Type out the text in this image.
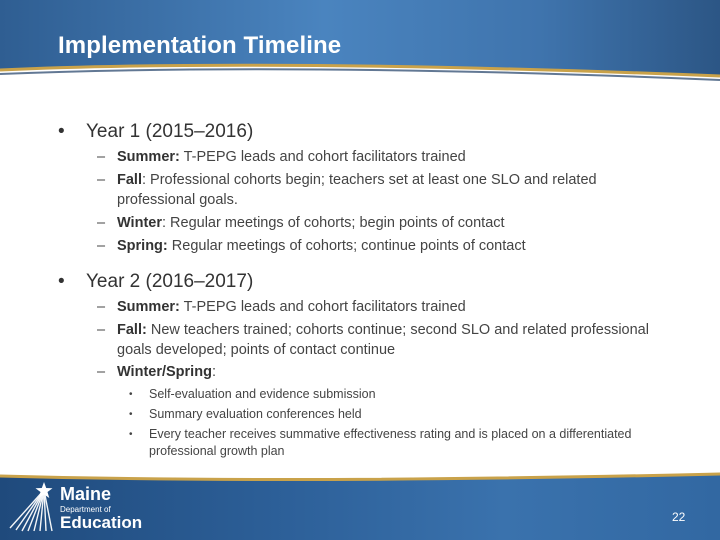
Implementation Timeline
• Year 1 (2015–2016)
– Summer: T-PEPG leads and cohort facilitators trained
– Fall: Professional cohorts begin; teachers set at least one SLO and related professional goals.
– Winter: Regular meetings of cohorts; begin points of contact
– Spring: Regular meetings of cohorts; continue points of contact
• Year 2 (2016–2017)
– Summer: T-PEPG leads and cohort facilitators trained
– Fall: New teachers trained; cohorts continue; second SLO and related professional goals developed; points of contact continue
– Winter/Spring:
• Self-evaluation and evidence submission
• Summary evaluation conferences held
• Every teacher receives summative effectiveness rating and is placed on a differentiated professional growth plan
Maine
Department of
Education	22
